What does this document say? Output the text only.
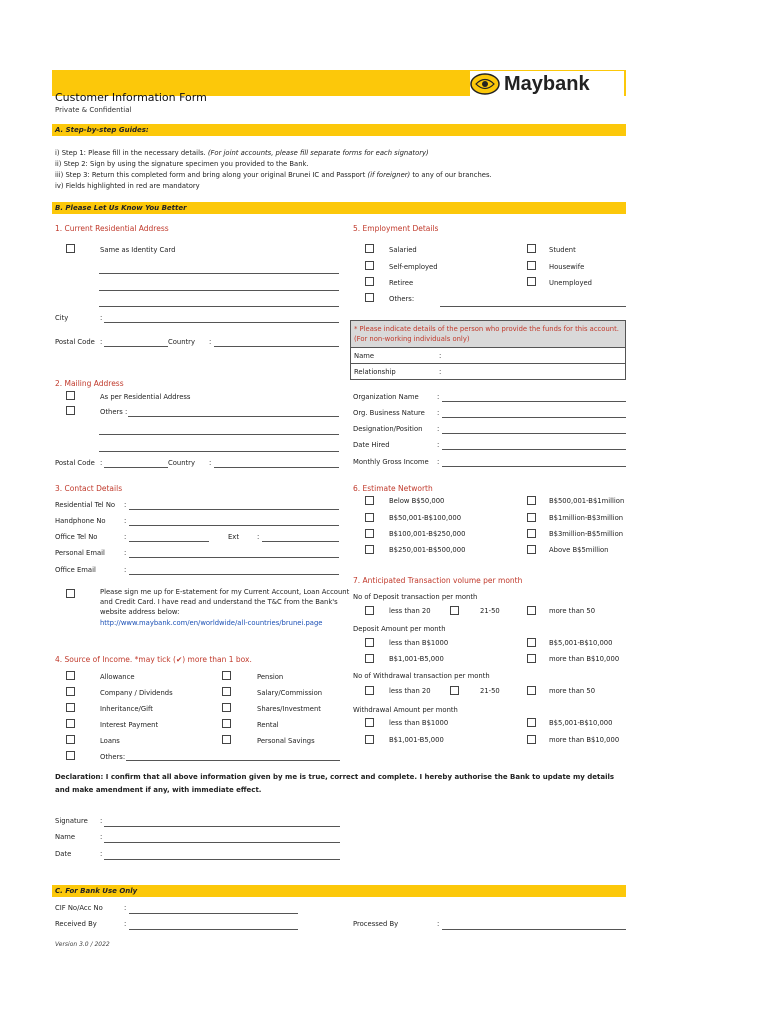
Maybank
Customer Information Form
Private & Confidential
A. Step-by-step Guides:
i) Step 1: Please fill in the necessary details. (For joint accounts, please fill separate forms for each signatory)
ii) Step 2: Sign by using the signature specimen you provided to the Bank.
iii) Step 3: Return this completed form and bring along your original Brunei IC and Passport (if foreigner) to any of our branches.
iv) Fields highlighted in red are mandatory
B. Please Let Us Know You Better
1. Current Residential Address
Same as Identity Card
City	:
Postal Code :	Country :
2. Mailing Address
As per Residential Address
Others :
Postal Code :	Country :
3. Contact Details
Residential Tel No :
Handphone No	:
Office Tel No	:	Ext	:
Personal Email	:
Office Email	:
Please sign me up for E-statement for my Current Account, Loan Account
and Credit Card. I have read and understand the T&C from the Bank's
website address below:
http://www.maybank.com/en/worldwide/all-countries/brunei.page
4. Source of Income. *may tick (✔) more than 1 box.
5. Employment Details
* Please indicate details of the person who provide the funds for this account. (For non-working individuals only)
Name	:
Relationship	:
6. Estimate Networth
7. Anticipated Transaction volume per month
No of Deposit transaction per month
Deposit Amount per month
No of Withdrawal transaction per month
Withdrawal Amount per month
Declaration: I confirm that all above information given by me is true, correct and complete. I hereby authorise the Bank to update my details
and make amendment if any, with immediate effect.
Signature :
Name	:
Date	:
C. For Bank Use Only
CIF No/Acc No	:
Received By	:	Processed By	:
Version 3.0 / 2022
Allowance
Company / Dividends
Inheritance/Gift
Interest Payment
Loans
Others:
Pension
Salary/Commission
Shares/Investment
Rental
Personal Savings
Salaried
Self-employed
Retiree
Others:
Student
Housewife
Unemployed
Organization Name	:
Org. Business Nature :
Designation/Position :
Date Hired	:
Monthly Gross Income :
Below B$50,000
B$50,001-B$100,000
B$100,001-B$250,000
B$250,001-B$500,000
B$500,001-B$1million
B$1million-B$3million
B$3million-B$5million
Above B$5million
less than 20	21-50	more than 50
less than 20	21-50	more than 50
less than B$1000	B$5,001-B$10,000
B$1,001-B5,000	more than B$10,000
less than B$1000	B$5,001-B$10,000
B$1,001-B5,000	more than B$10,000
